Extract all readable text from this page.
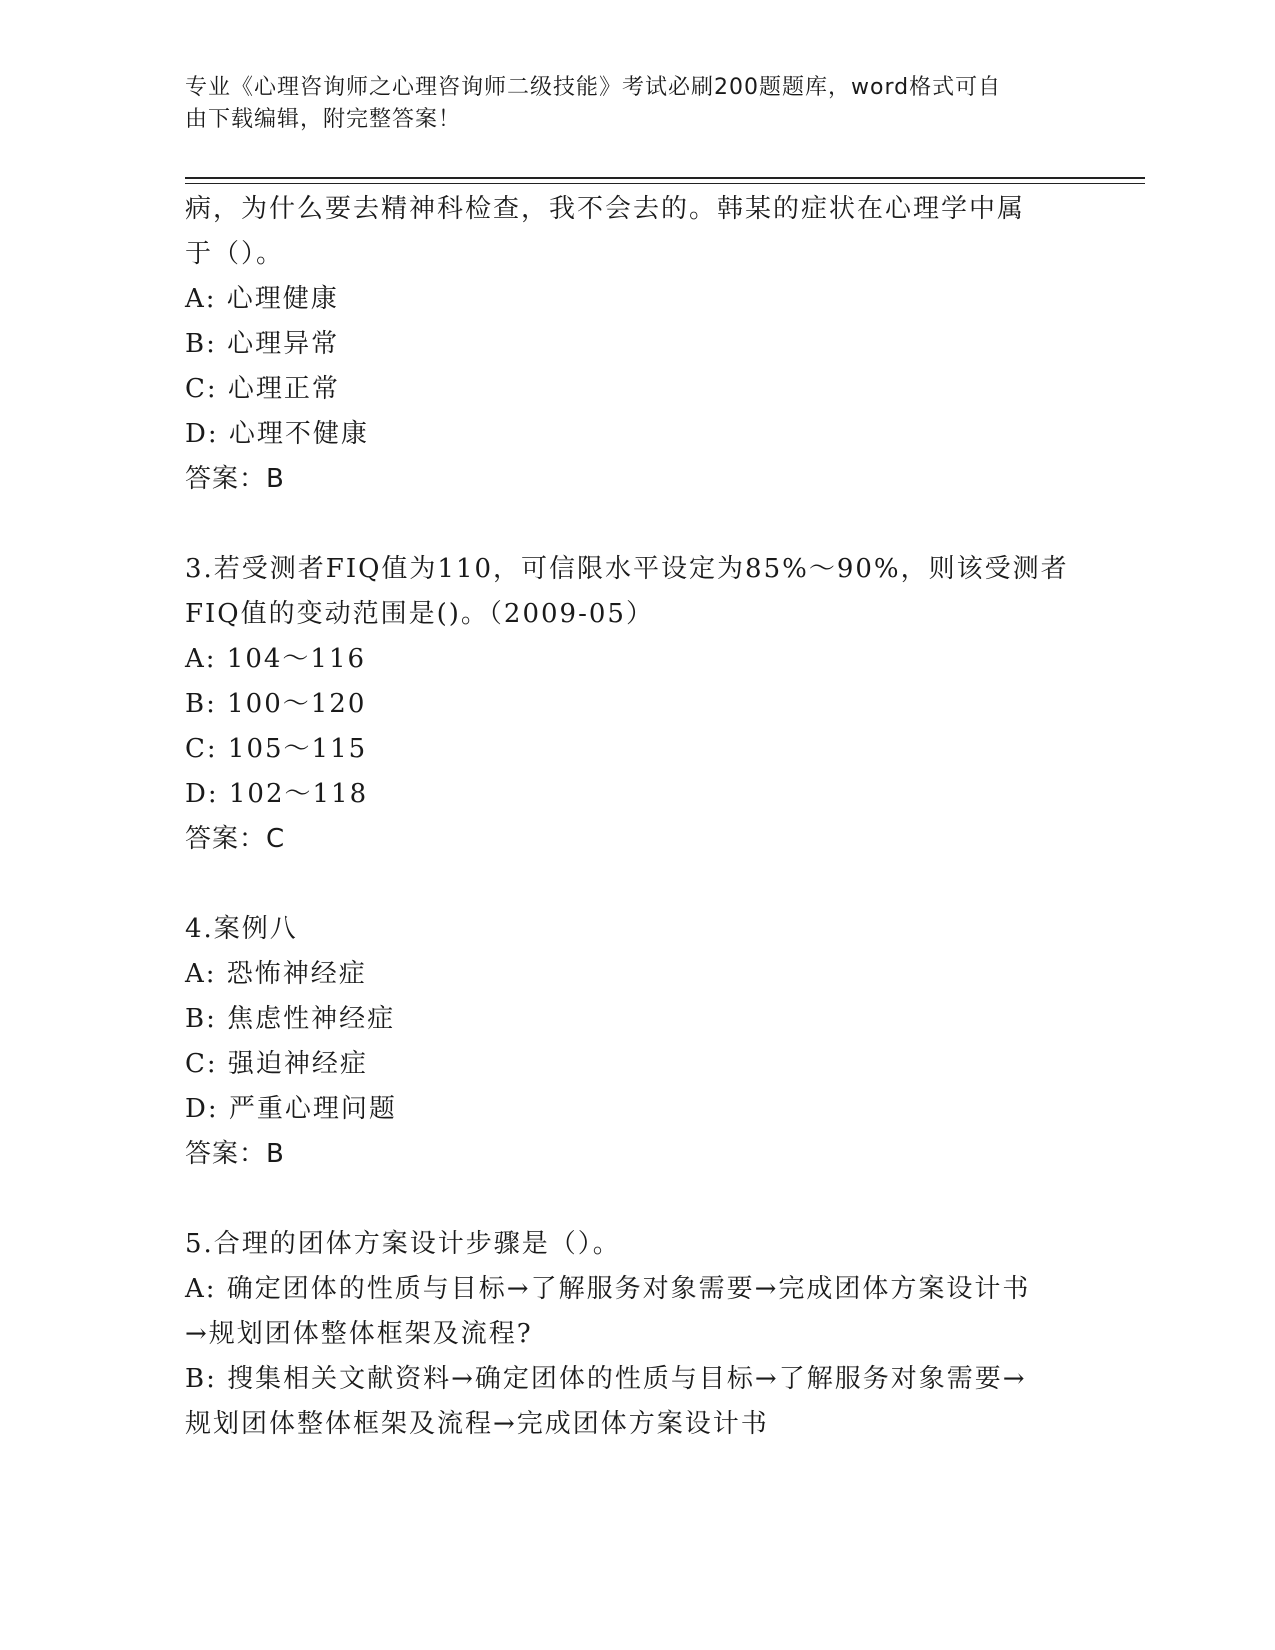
专业《心理咨询师之心理咨询师二级技能》考试必刷200题题库，word格式可自
由下载编辑，附完整答案！
病，为什么要去精神科检查，我不会去的。韩某的症状在心理学中属
于（）。
A: 心理健康
B: 心理异常
C: 心理正常
D: 心理不健康
答案：B
3.若受测者FIQ值为110，可信限水平设定为85%～90%，则该受测者
FIQ值的变动范围是()。（2009-05）
A: 104～116
B: 100～120
C: 105～115
D: 102～118
答案：C
4.案例八
A: 恐怖神经症
B: 焦虑性神经症
C: 强迫神经症
D: 严重心理问题
答案：B
5.合理的团体方案设计步骤是（）。
A: 确定团体的性质与目标→了解服务对象需要→完成团体方案设计书
→规划团体整体框架及流程?
B: 搜集相关文献资料→确定团体的性质与目标→了解服务对象需要→
规划团体整体框架及流程→完成团体方案设计书
